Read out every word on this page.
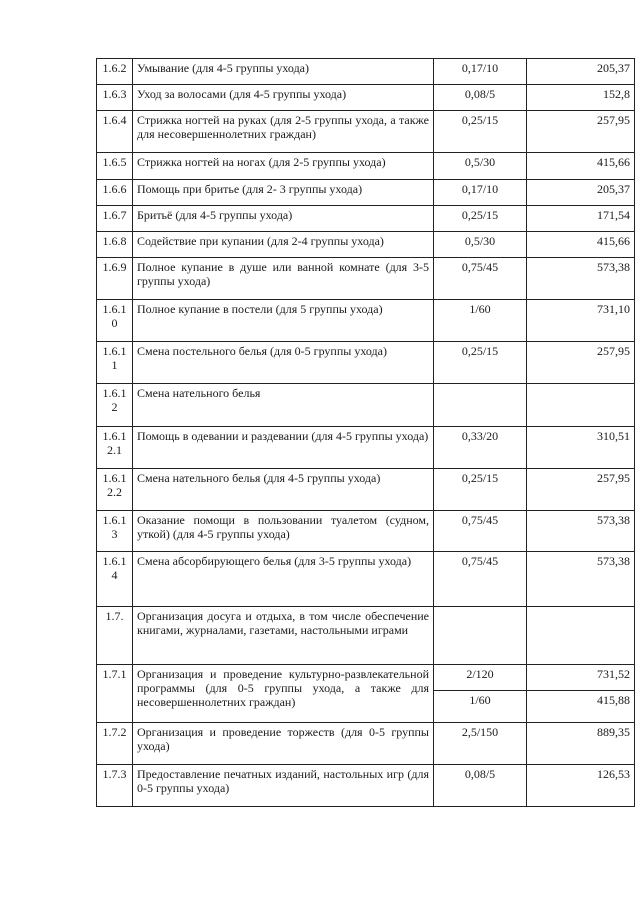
1.6.2	Умывание (для 4-5 группы ухода)	0,17/10	205,37
1.6.3	Уход за волосами (для 4-5 группы ухода)	0,08/5	152,8
1.6.4	Стрижка ногтей на руках (для 2-5 группы ухода, а также для несовершеннолетних граждан)	0,25/15	257,95
1.6.5	Стрижка ногтей на ногах (для 2-5 группы ухода)	0,5/30	415,66
1.6.6	Помощь при бритье (для 2- 3 группы ухода)	0,17/10	205,37
1.6.7	Бритьё (для 4-5 группы ухода)	0,25/15	171,54
1.6.8	Содействие при купании (для 2-4 группы ухода)	0,5/30	415,66
1.6.9	Полное купание в душе или ванной комнате (для 3-5 группы ухода)	0,75/45	573,38
1.6.10	Полное купание в постели (для 5 группы ухода)	1/60	731,10
1.6.11	Смена постельного белья (для 0-5 группы ухода)	0,25/15	257,95
1.6.12	Смена нательного белья		
1.6.12.1	Помощь в одевании и раздевании (для 4-5 группы ухода)	0,33/20	310,51
1.6.12.2	Смена нательного белья (для 4-5 группы ухода)	0,25/15	257,95
1.6.13	Оказание помощи в пользовании туалетом (судном, уткой) (для 4-5 группы ухода)	0,75/45	573,38
1.6.14	Смена абсорбирующего белья (для 3-5 группы ухода)	0,75/45	573,38
1.7.	Организация досуга и отдыха, в том числе обеспечение книгами, журналами, газетами, настольными играми		
1.7.1	Организация и проведение культурно-развлекательной программы (для 0-5 группы ухода, а также для несовершеннолетних граждан)	2/120	731,52
		1/60	415,88
1.7.2	Организация и проведение торжеств (для 0-5 группы ухода)	2,5/150	889,35
1.7.3	Предоставление печатных изданий, настольных игр (для 0-5 группы ухода)	0,08/5	126,53
